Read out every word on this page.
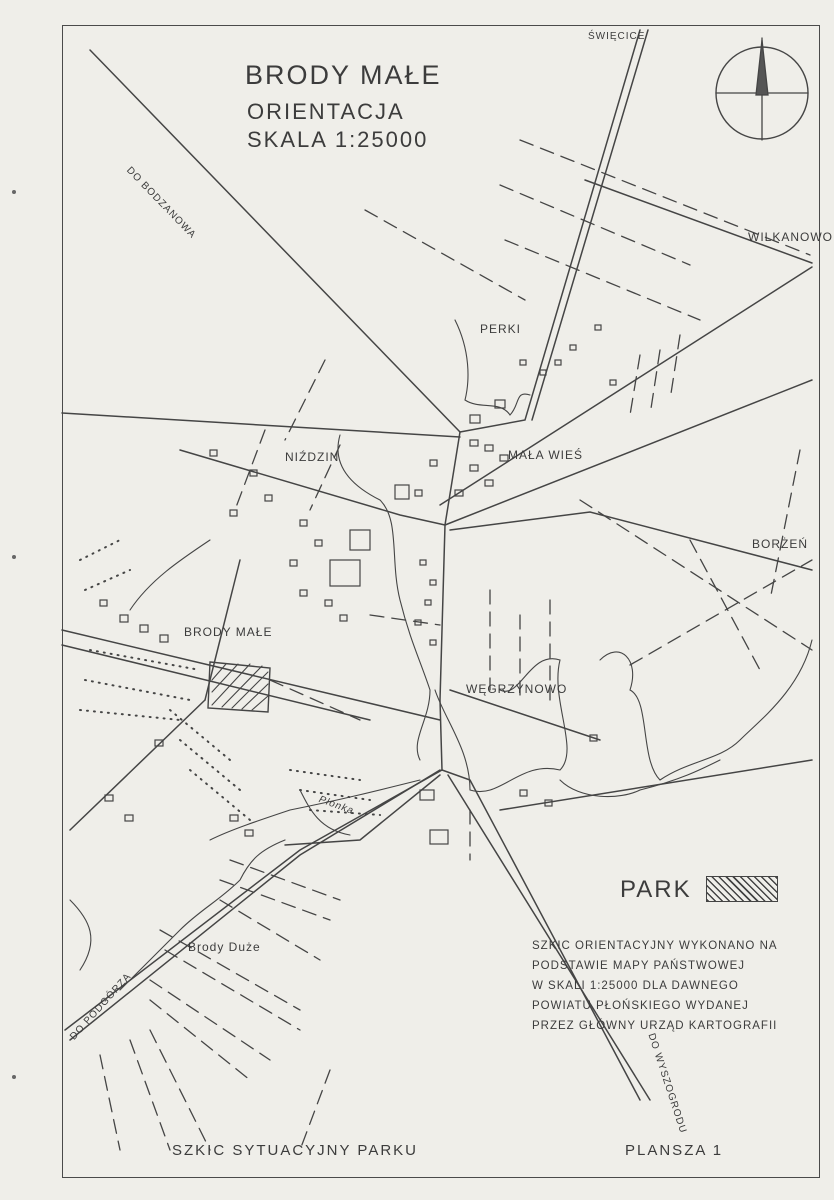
BRODY MAŁE
ORIENTACJA
SKALA 1:25000
PERKI
NIŹDZIN	MAŁA WIEŚ
BRODY MAŁE
WĘGRZYNOWO
Brody Duże
BORŻEŃ
WILKANOWO
ŚWIĘCICE
Płonka
DO BODZANOWA
DO PODGÓRZA
DO WYSZOGRODU
PARK
SZKIC ORIENTACYJNY WYKONANO NA
PODSTAWIE MAPY PAŃSTWOWEJ
W SKALI 1:25000 DLA DAWNEGO
POWIATU PŁOŃSKIEGO WYDANEJ
PRZEZ GŁÓWNY URZĄD KARTOGRAFII
SZKIC SYTUACYJNY PARKU	PLANSZA 1
